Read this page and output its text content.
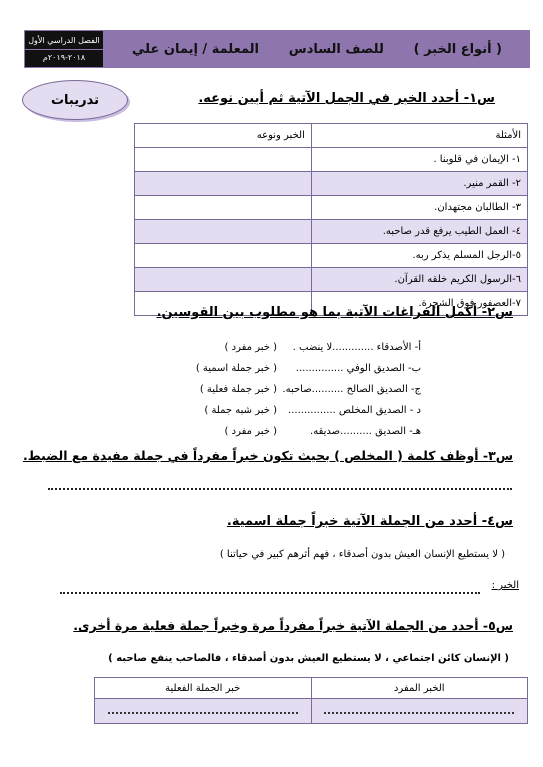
الفصل الدراسي الأول
٢٠١٨-٢٠١٩م
( أنواع الخبر )
للصف السادس
المعلمة / إيمان علي
تدريبات	س١- أحدد الخبر في الجمل الآتية ثم أبين نوعه.
الأمثلة	الخبر ونوعه
١- الإيمان في قلوبنا .	
٢- القمر منير.	
٣- الطالبان مجتهدان.	
٤- العمل الطيب يرفع قدر صاحبه.	
٥-الرجل المسلم يذكر ربه.	
٦-الرسول الكريم خلقه القرآن.	
٧-العصفور فوق الشجرة.	
س٢- أكمل الفراغات الآتية بما هو مطلوب بين القوسين.
أ- الأصدقاء .............لا ينضب .
( خبر مفرد )
ب- الصديق الوفي ...............
( خبر جملة اسمية )
ج- الصديق الصالح ..........صاحبه.
( خبر جملة فعلية )
د - الصديق المخلص ...............
( خبر شبه جملة )
هـ- الصديق ..........صديقه.
( خبر مفرد )
س٣- أوظف كلمة ( المخلص ) بحيث تكون خبراً مفرداً في جملة مفيدة مع الضبط.
س٤- أحدد من الجملة الآتية خبراً جملة اسمية.
( لا يستطيع الإنسان العيش بدون أصدقاء ، فهم أثرهم كبير في حياتنا )
الخبر :
س٥- أحدد من الجملة الآتية خبراً مفرداً مرة وخبراً جملة فعلية مرة أخرى.
( الإنسان كائن اجتماعي ، لا يستطيع العيش بدون أصدقاء ، فالصاحب ينفع صاحبه )
الخبر المفرد	خبر الجملة الفعلية
